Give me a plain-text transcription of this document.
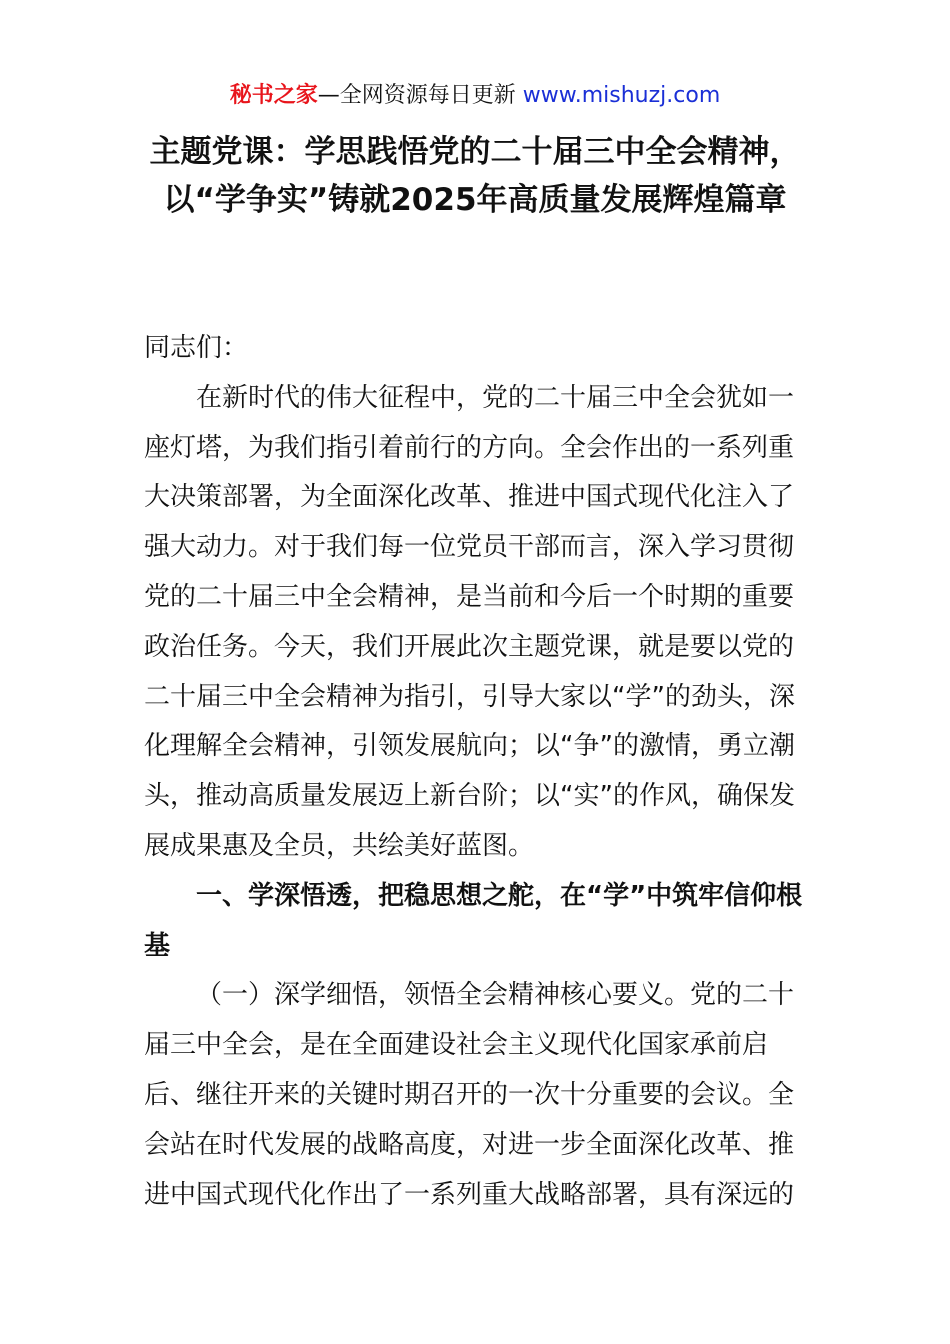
秘书之家—全网资源每日更新 www.mishuzj.com
主题党课：学思践悟党的二十届三中全会精神，以“学争实”铸就2025年高质量发展辉煌篇章

同志们：

在新时代的伟大征程中，党的二十届三中全会犹如一座灯塔，为我们指引着前行的方向。全会作出的一系列重大决策部署，为全面深化改革、推进中国式现代化注入了强大动力。对于我们每一位党员干部而言，深入学习贯彻党的二十届三中全会精神，是当前和今后一个时期的重要政治任务。今天，我们开展此次主题党课，就是要以党的二十届三中全会精神为指引，引导大家以“学”的劲头，深化理解全会精神，引领发展航向；以“争”的激情，勇立潮头，推动高质量发展迈上新台阶；以“实”的作风，确保发展成果惠及全员，共绘美好蓝图。

一、学深悟透，把稳思想之舵，在“学”中筑牢信仰根基

（一）深学细悟，领悟全会精神核心要义。党的二十届三中全会，是在全面建设社会主义现代化国家承前启后、继往开来的关键时期召开的一次十分重要的会议。全会站在时代发展的战略高度，对进一步全面深化改革、推进中国式现代化作出了一系列重大战略部署，具有深远的
